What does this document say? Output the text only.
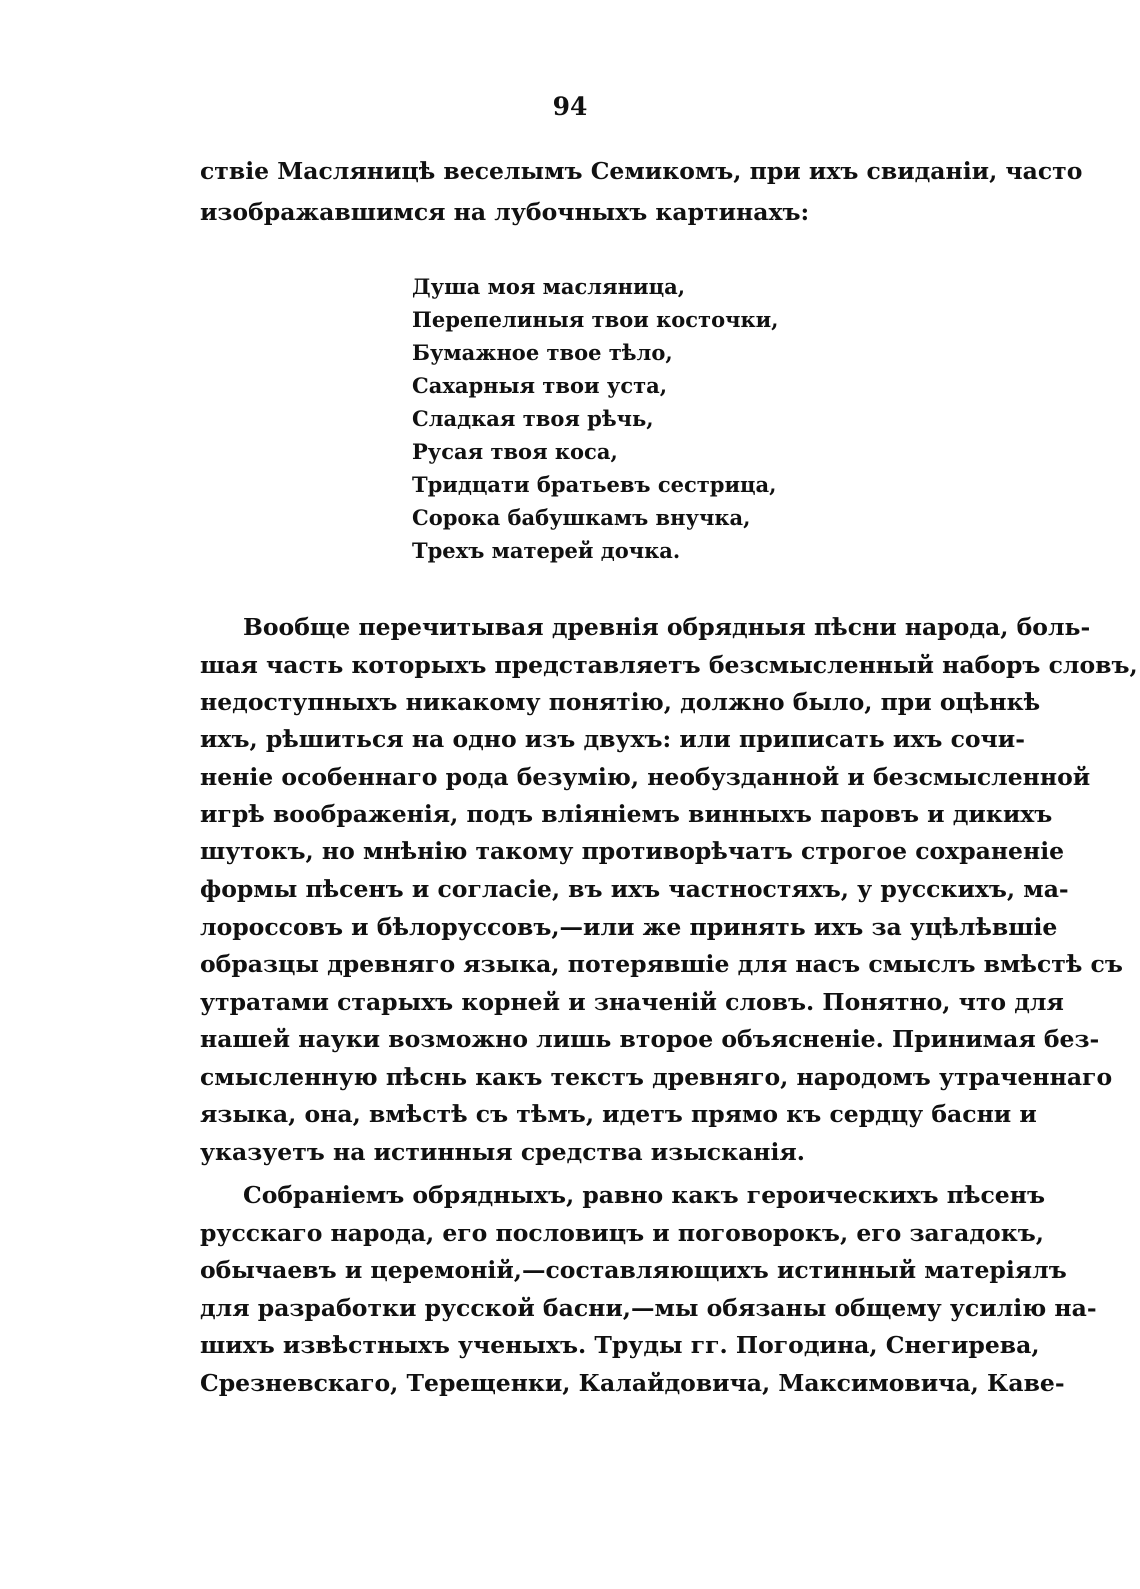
94
ствіе Масляницѣ веселымъ Семикомъ, при ихъ свиданіи, часто
изображавшимся на лубочныхъ картинахъ:
Душа моя масляница,
Перепелиныя твои косточки,
Бумажное твое тѣло,
Сахарныя твои уста,
Сладкая твоя рѣчь,
Русая твоя коса,
Тридцати братьевъ сестрица,
Сорока бабушкамъ внучка,
Трехъ матерей дочка.
Вообще перечитывая древнія обрядныя пѣсни народа, боль-
шая часть которыхъ представляетъ безсмысленный наборъ словъ,
недоступныхъ никакому понятію, должно было, при оцѣнкѣ
ихъ, рѣшиться на одно изъ двухъ: или приписать ихъ сочи-
неніе особеннаго рода безумію, необузданной и безсмысленной
игрѣ воображенія, подъ вліяніемъ винныхъ паровъ и дикихъ
шутокъ, но мнѣнію такому противорѣчатъ строгое сохраненіе
формы пѣсенъ и согласіе, въ ихъ частностяхъ, у русскихъ, ма-
лороссовъ и бѣлоруссовъ,—или же принять ихъ за уцѣлѣвшіе
образцы древняго языка, потерявшіе для насъ смыслъ вмѣстѣ съ
утратами старыхъ корней и значеній словъ. Понятно, что для
нашей науки возможно лишь второе объясненіе. Принимая без-
смысленную пѣснь какъ текстъ древняго, народомъ утраченнаго
языка, она, вмѣстѣ съ тѣмъ, идетъ прямо къ сердцу басни и
указуетъ на истинныя средства изысканія.
Собраніемъ обрядныхъ, равно какъ героическихъ пѣсенъ
русскаго народа, его пословицъ и поговорокъ, его загадокъ,
обычаевъ и церемоній,—составляющихъ истинный матеріялъ
для разработки русской басни,—мы обязаны общему усилію на-
шихъ извѣстныхъ ученыхъ. Труды гг. Погодина, Снегирева,
Срезневскаго, Терещенки, Калайдовича, Максимовича, Каве-
